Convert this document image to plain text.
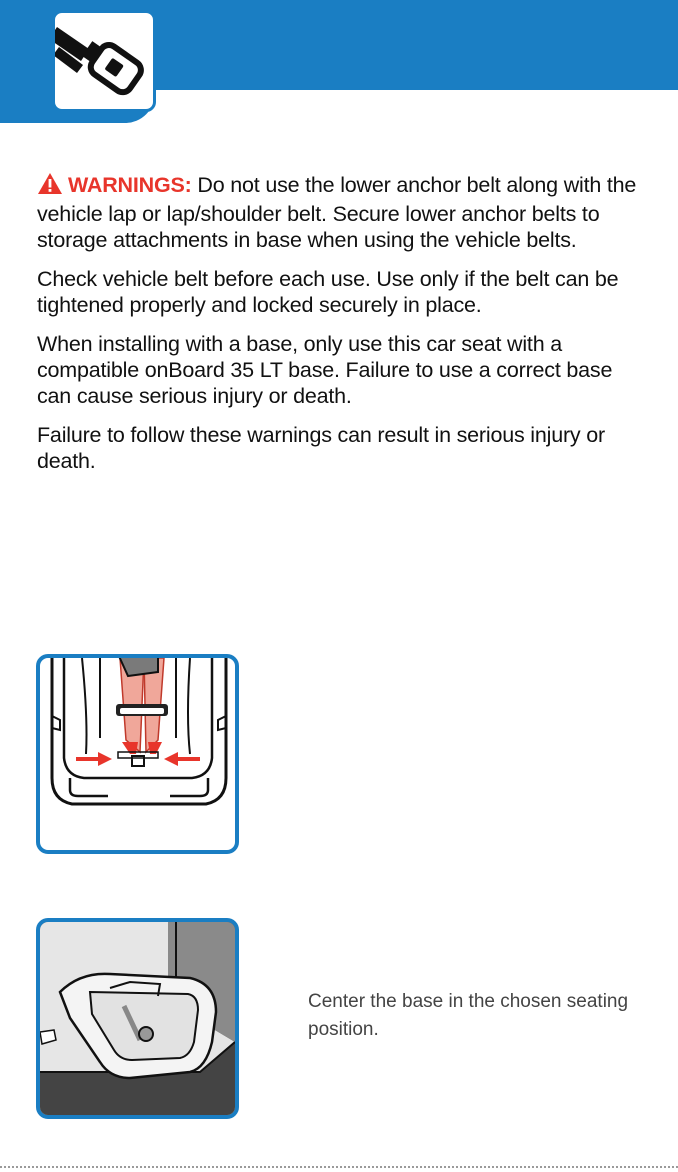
WARNINGS: Do not use the lower anchor belt along with the vehicle lap or lap/shoulder belt. Secure lower anchor belts to storage attachments in base when using the vehicle belts.

Check vehicle belt before each use. Use only if the belt can be tightened properly and locked securely in place.

When installing with a base, only use this car seat with a compatible onBoard 35 LT base. Failure to use a correct base can cause serious injury or death.

Failure to follow these warnings can result in serious injury or death.

Center the base in the chosen seating position.
